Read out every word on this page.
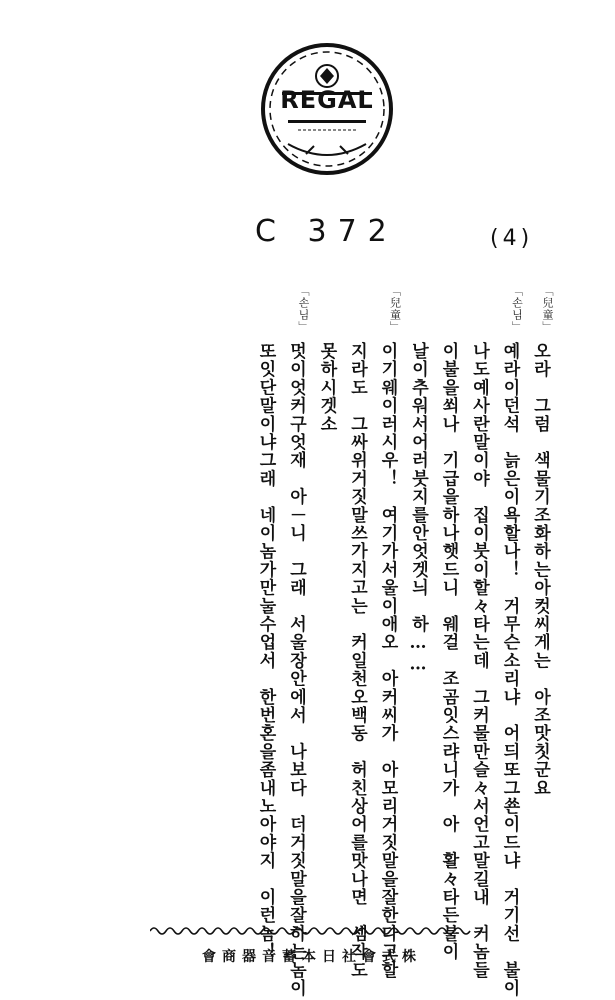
REGAL
C 372	(4)
「兒童」
오라　그럼　색물기조화하는아컷씨게는　아조맛칫군요
「손님」
예라이던석　늙은이욕할나！　거무슨소리냐　어듸또그쑌이드냐　거기선　불이
나도예사란말이야　집이붓이할々타는데　그커물만슬々서언고말길내　커놈들
이불을쐬나　기급을하나햇드니　웨걸　조곰잇스랴니가　아　활々타든불이
날이추워서어러붓지를안엇겟늬　하……
「兒童」
이기웨이러시우！　여기가서울이애오　아커씨가　아모리거짓말을잘한다고할
지라도　그싸위거짓말쓰가지고는　커일천오백동　허친상어를맛나면　셈작도
못하시겟소
「손님」
멋이엇커구엇재　아－니　그래　서울장안에서　나보다　더거짓말을잘하는놈이
또잇단말이냐그래　네이놈가만눌수업서　한번혼을좀내노아야지　이런놈！
會商器音蓄本日社會式株
